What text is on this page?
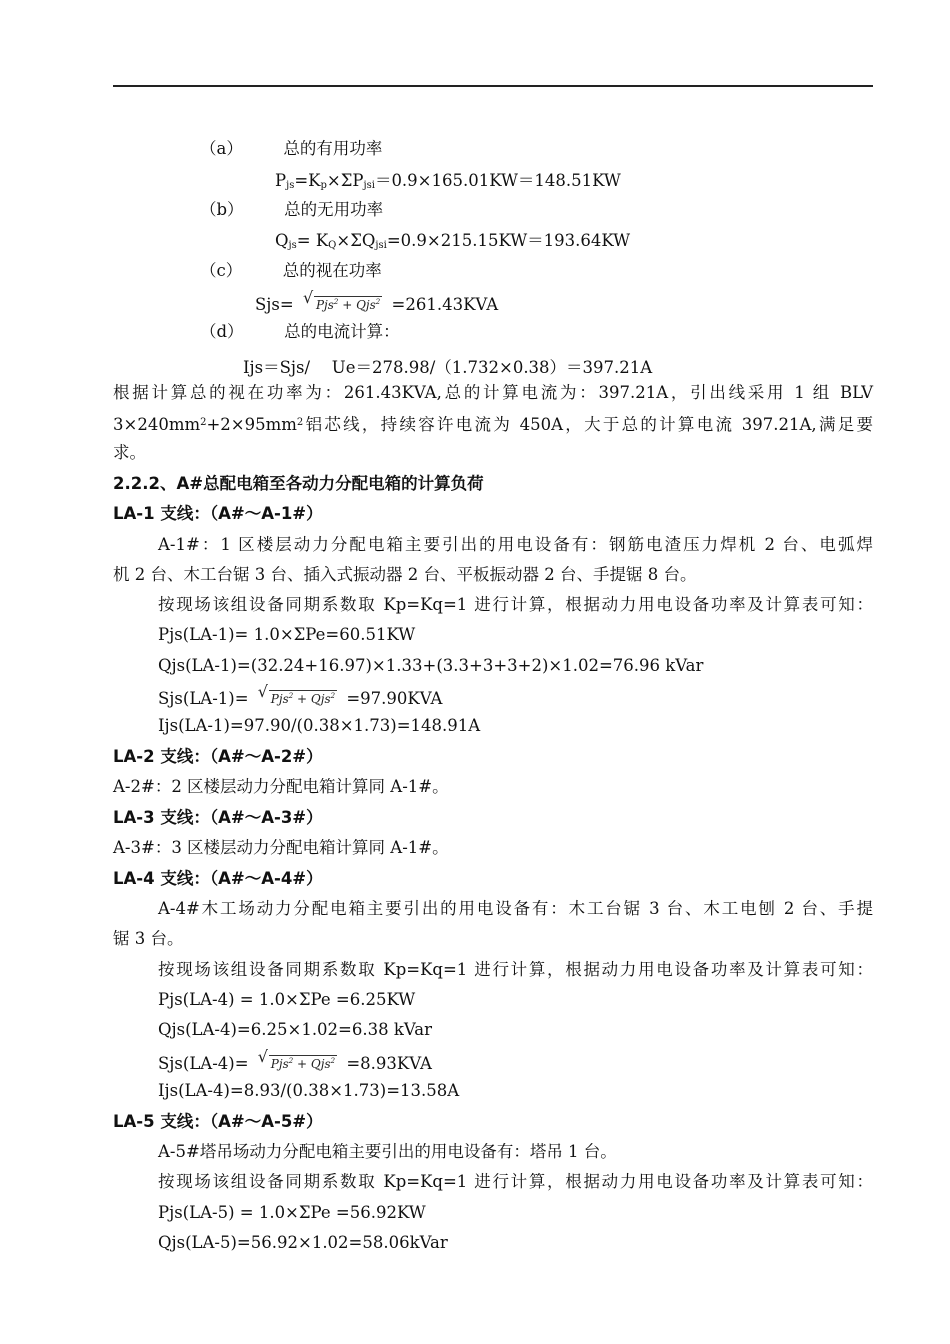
（a） 总的有用功率
$P_{js}=K_p\times\Sigma P_{jsi}=0.9\times 165.01KW=148.51KW$
（b） 总的无用功率
$Q_{js}= K_Q\times\Sigma Q_{jsi}=0.9\times 215.15KW=193.64KW$
（c） 总的视在功率
Sjs= √ Pjs$^2$ + Qjs$^2$ =261.43KVA
（d） 总的电流计算：
Ijs＝Sjs/　 Ue＝278.98/（1.732×0.38）＝397.21A
根据计算总的视在功率为：261.43KVA,总的计算电流为：397.21A，引出线采用 1 组 BLV
$3\times 240mm^2+2\times 95mm^2$铝芯线，持续容许电流为 450A，大于总的计算电流 397.21A,满足要
求。
2.2.2、A#总配电箱至各动力分配电箱的计算负荷
LA-1 支线：（A#～A-1#）
A-1#：1 区楼层动力分配电箱主要引出的用电设备有：钢筋电渣压力焊机 2 台、电弧焊
机 2 台、木工台锯 3 台、插入式振动器 2 台、平板振动器 2 台、手提锯 8 台。
按现场该组设备同期系数取 Kp=Kq=1 进行计算，根据动力用电设备功率及计算表可知：
Pjs(LA-1)= 1.0×ΣPe=60.51KW
Qjs(LA-1)=(32.24+16.97)×1.33+(3.3+3+3+2)×1.02=76.96 kVar
Sjs(LA-1)= √ Pjs$^2$ + Qjs$^2$ =97.90KVA
Ijs(LA-1)=97.90/(0.38×1.73)=148.91A
LA-2 支线：（A#～A-2#）
A-2#：2 区楼层动力分配电箱计算同 A-1#。
LA-3 支线：（A#～A-3#）
A-3#：3 区楼层动力分配电箱计算同 A-1#。
LA-4 支线：（A#～A-4#）
A-4#木工场动力分配电箱主要引出的用电设备有：木工台锯 3 台、木工电刨 2 台、手提
锯 3 台。
按现场该组设备同期系数取 Kp=Kq=1 进行计算，根据动力用电设备功率及计算表可知：
Pjs(LA-4) = 1.0×ΣPe =6.25KW
Qjs(LA-4)=6.25×1.02=6.38 kVar
Sjs(LA-4)= √ Pjs$^2$ + Qjs$^2$ =8.93KVA
Ijs(LA-4)=8.93/(0.38×1.73)=13.58A
LA-5 支线：（A#～A-5#）
A-5#塔吊场动力分配电箱主要引出的用电设备有：塔吊 1 台。
按现场该组设备同期系数取 Kp=Kq=1 进行计算，根据动力用电设备功率及计算表可知：
Pjs(LA-5) = 1.0×ΣPe =56.92KW
Qjs(LA-5)=56.92×1.02=58.06kVar
